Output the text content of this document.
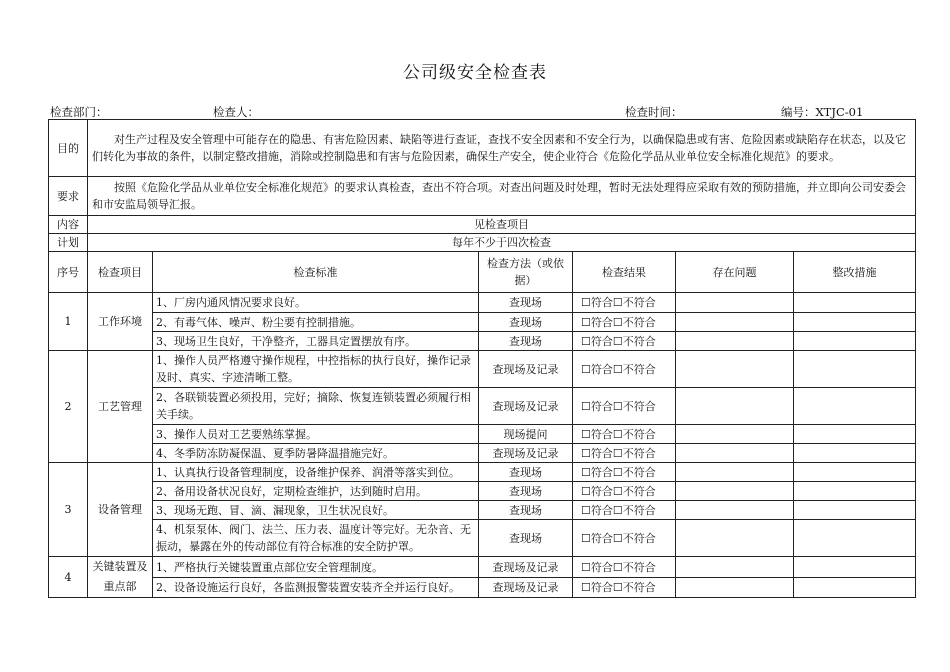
公司级安全检查表
检查部门：	检查人：	检查时间：	编号：XTJC-01
目的	对生产过程及安全管理中可能存在的隐患、有害危险因素、缺陷等进行查证，查找不安全因素和不安全行为，以确保隐患或有害、危险因素或缺陷存在状态，以及它们转化为事故的条件，以制定整改措施，消除或控制隐患和有害与危险因素，确保生产安全，使企业符合《危险化学品从业单位安全标准化规范》的要求。					
要求	按照《危险化学品从业单位安全标准化规范》的要求认真检查，查出不符合项。对查出问题及时处理，暂时无法处理得应采取有效的预防措施，并立即向公司安委会和市安监局领导汇报。					
内容	见检查项目					
计划	每年不少于四次检查					
序号	检查项目	检查标准	检查方法（或依据）	检查结果	存在问题	整改措施
1	工作环境	1、厂房内通风情况要求良好。	查现场	☐符合☐不符合		
		2、有毒气体、噪声、粉尘要有控制措施。	查现场	☐符合☐不符合		
		3、现场卫生良好，干净整齐，工器具定置摆放有序。	查现场	☐符合☐不符合		
2	工艺管理	1、操作人员严格遵守操作规程，中控指标的执行良好，操作记录及时、真实、字迹清晰工整。	查现场及记录	☐符合☐不符合		
		2、各联锁装置必须投用，完好；摘除、恢复连锁装置必须履行相关手续。	查现场及记录	☐符合☐不符合		
		3、操作人员对工艺要熟练掌握。	现场提问	☐符合☐不符合		
		4、冬季防冻防凝保温、夏季防暑降温措施完好。	查现场及记录	☐符合☐不符合		
3	设备管理	1、认真执行设备管理制度，设备维护保养、润滑等落实到位。	查现场	☐符合☐不符合		
		2、备用设备状况良好，定期检查维护，达到随时启用。	查现场	☐符合☐不符合		
		3、现场无跑、冒、滴、漏现象，卫生状况良好。	查现场	☐符合☐不符合		
		4、机泵泵体、阀门、法兰、压力表、温度计等完好。无杂音、无振动，暴露在外的传动部位有符合标准的安全防护罩。	查现场	☐符合☐不符合		
4	关键装置及重点部	1、严格执行关键装置重点部位安全管理制度。	查现场及记录	☐符合☐不符合		
		2、设备设施运行良好，各监测报警装置安装齐全并运行良好。	查现场及记录	☐符合☐不符合		
